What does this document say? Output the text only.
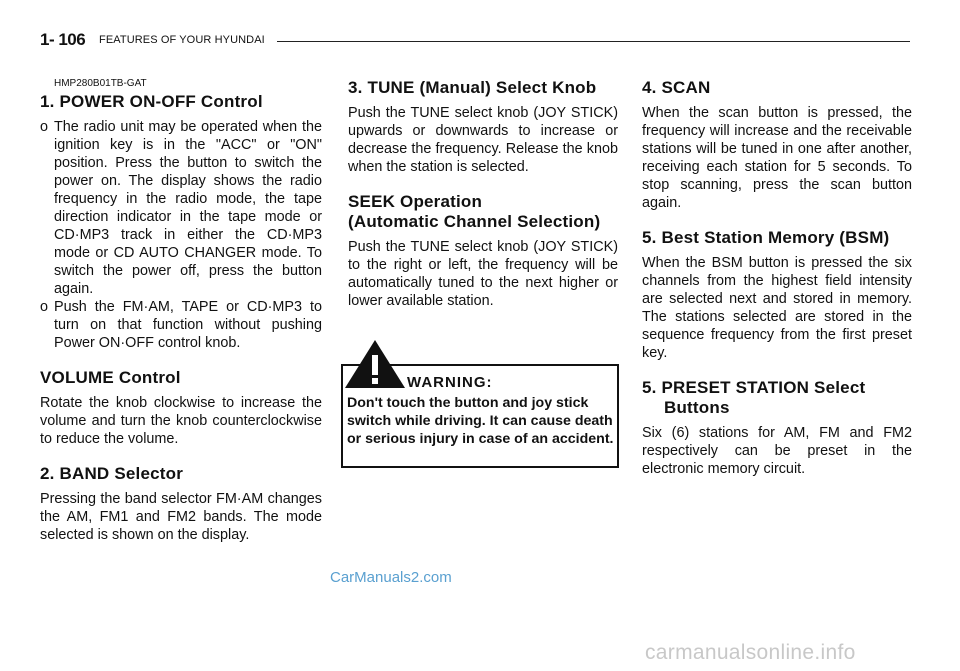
1- 106 FEATURES OF YOUR HYUNDAI
HMP280B01TB-GAT
1. POWER ON-OFF Control
o The radio unit may be operated when the ignition key is in the "ACC" or "ON" position. Press the button to switch the power on. The display shows the radio frequency in the radio mode, the tape direction indicator in the tape mode or CD·MP3 track in either the CD·MP3 mode or CD AUTO CHANGER mode. To switch the power off, press the button again.
o Push the FM·AM, TAPE or CD·MP3 to turn on that function without pushing Power ON·OFF control knob.
VOLUME Control

Rotate the knob clockwise to increase the volume and turn the knob counterclockwise to reduce the volume.

2. BAND Selector

Pressing the band selector FM·AM changes the AM, FM1 and FM2 bands. The mode selected is shown on the display.

3. TUNE (Manual) Select Knob

Push the TUNE select knob (JOY STICK) upwards or downwards to increase or decrease the frequency. Release the knob when the station is selected.

SEEK Operation
(Automatic Channel Selection)

Push the TUNE select knob (JOY STICK) to the right or left, the frequency will be automatically tuned to the next higher or lower available station.

WARNING:
Don't touch the button and joy stick switch while driving. It can cause death or serious injury in case of an accident.
4. SCAN

When the scan button is pressed, the frequency will increase and the receivable stations will be tuned in one after another, receiving each station for 5 seconds. To stop scanning, press the scan button again.

5. Best Station Memory (BSM)

When the BSM button is pressed the six channels from the highest field intensity are selected next and stored in memory. The stations selected are stored in the sequence frequency from the first preset key.

5. PRESET STATION Select
Buttons

Six (6) stations for AM, FM and FM2 respectively can be preset in the electronic memory circuit.

CarManuals2.com
carmanualsonline.info
